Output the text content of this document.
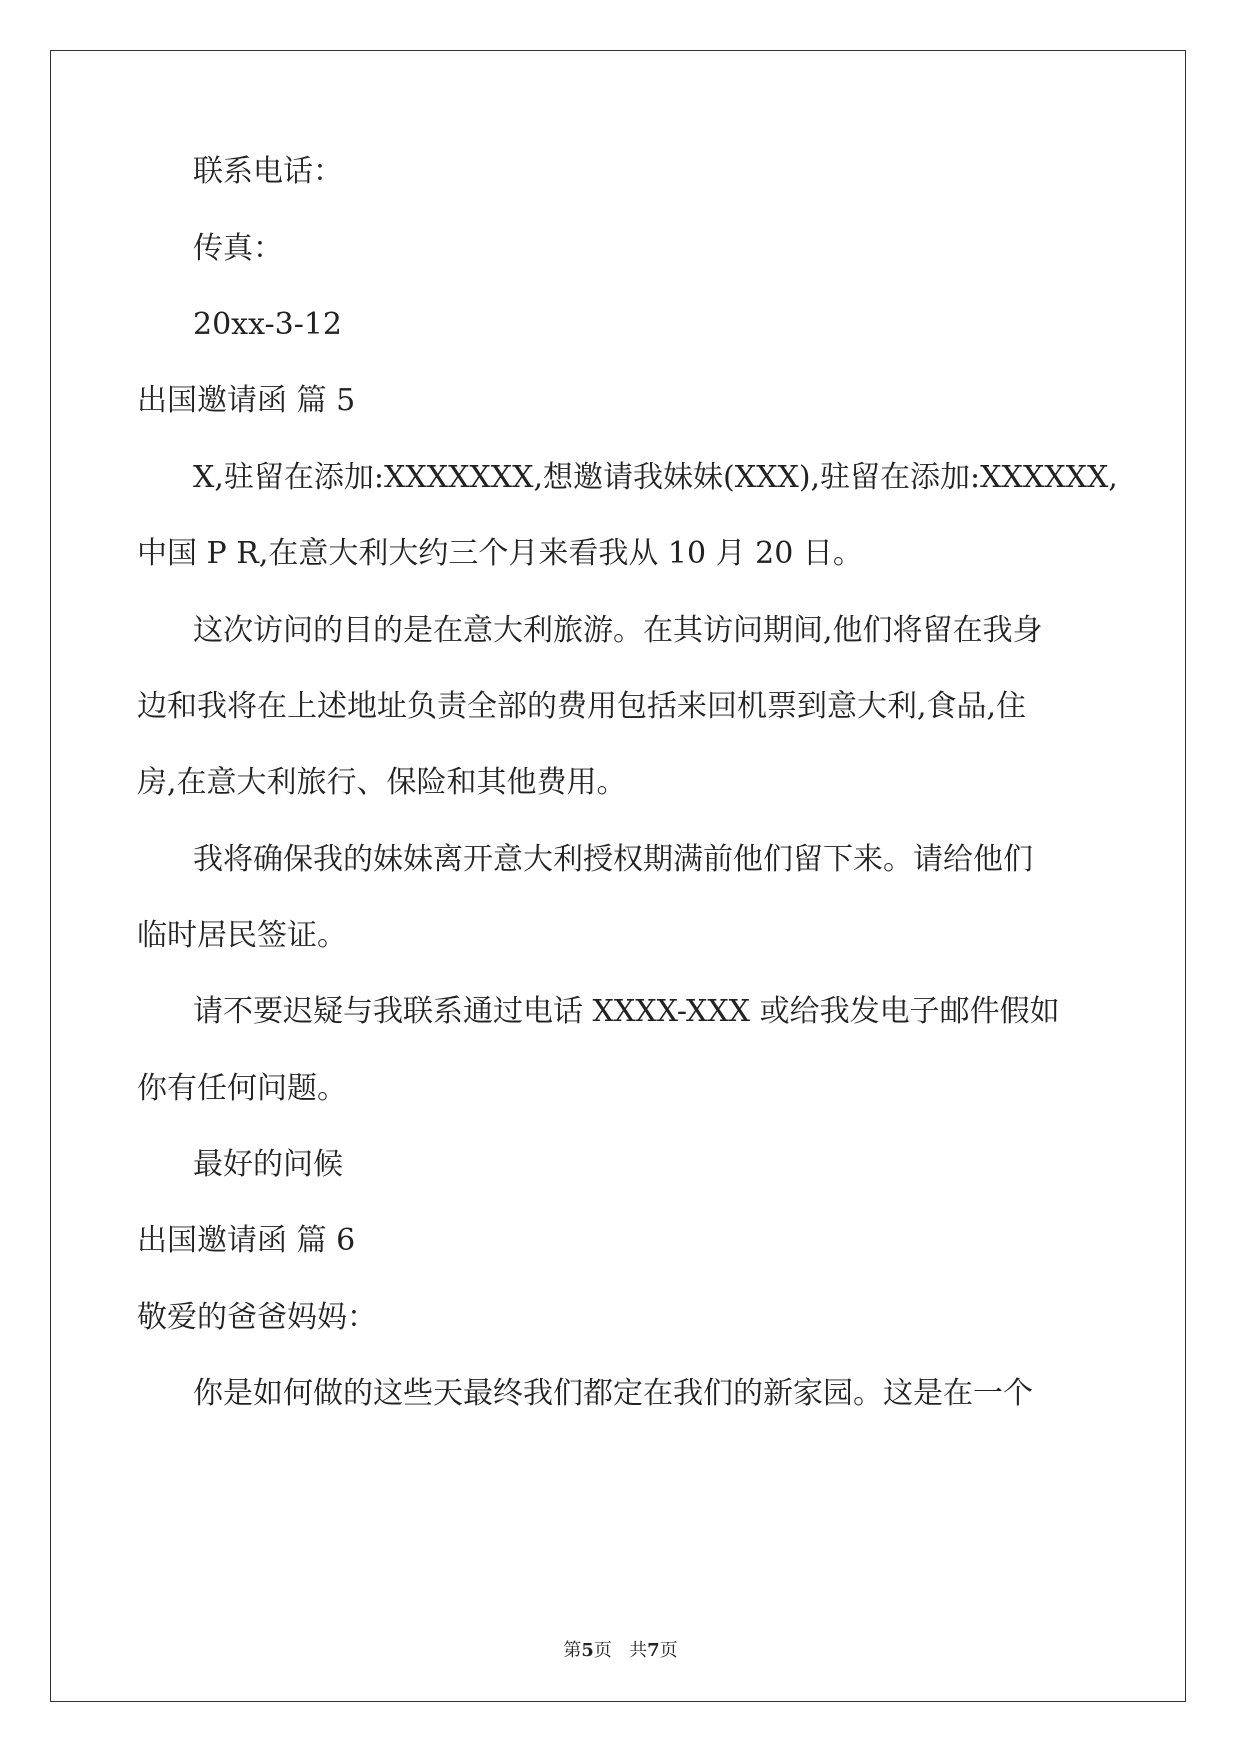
联系电话：
传真：
20xx-3-12
出国邀请函 篇 5
X,驻留在添加:XXXXXXX,想邀请我妹妹(XXX),驻留在添加:XXXXXX,
中国 P R,在意大利大约三个月来看我从 10 月 20 日。
这次访问的目的是在意大利旅游。在其访问期间,他们将留在我身
边和我将在上述地址负责全部的费用包括来回机票到意大利,食品,住
房,在意大利旅行、保险和其他费用。
我将确保我的妹妹离开意大利授权期满前他们留下来。请给他们
临时居民签证。
请不要迟疑与我联系通过电话 XXXX-XXX 或给我发电子邮件假如
你有任何问题。
最好的问候
出国邀请函 篇 6
敬爱的爸爸妈妈：
你是如何做的这些天最终我们都定在我们的新家园。这是在一个
第5页 共7页
